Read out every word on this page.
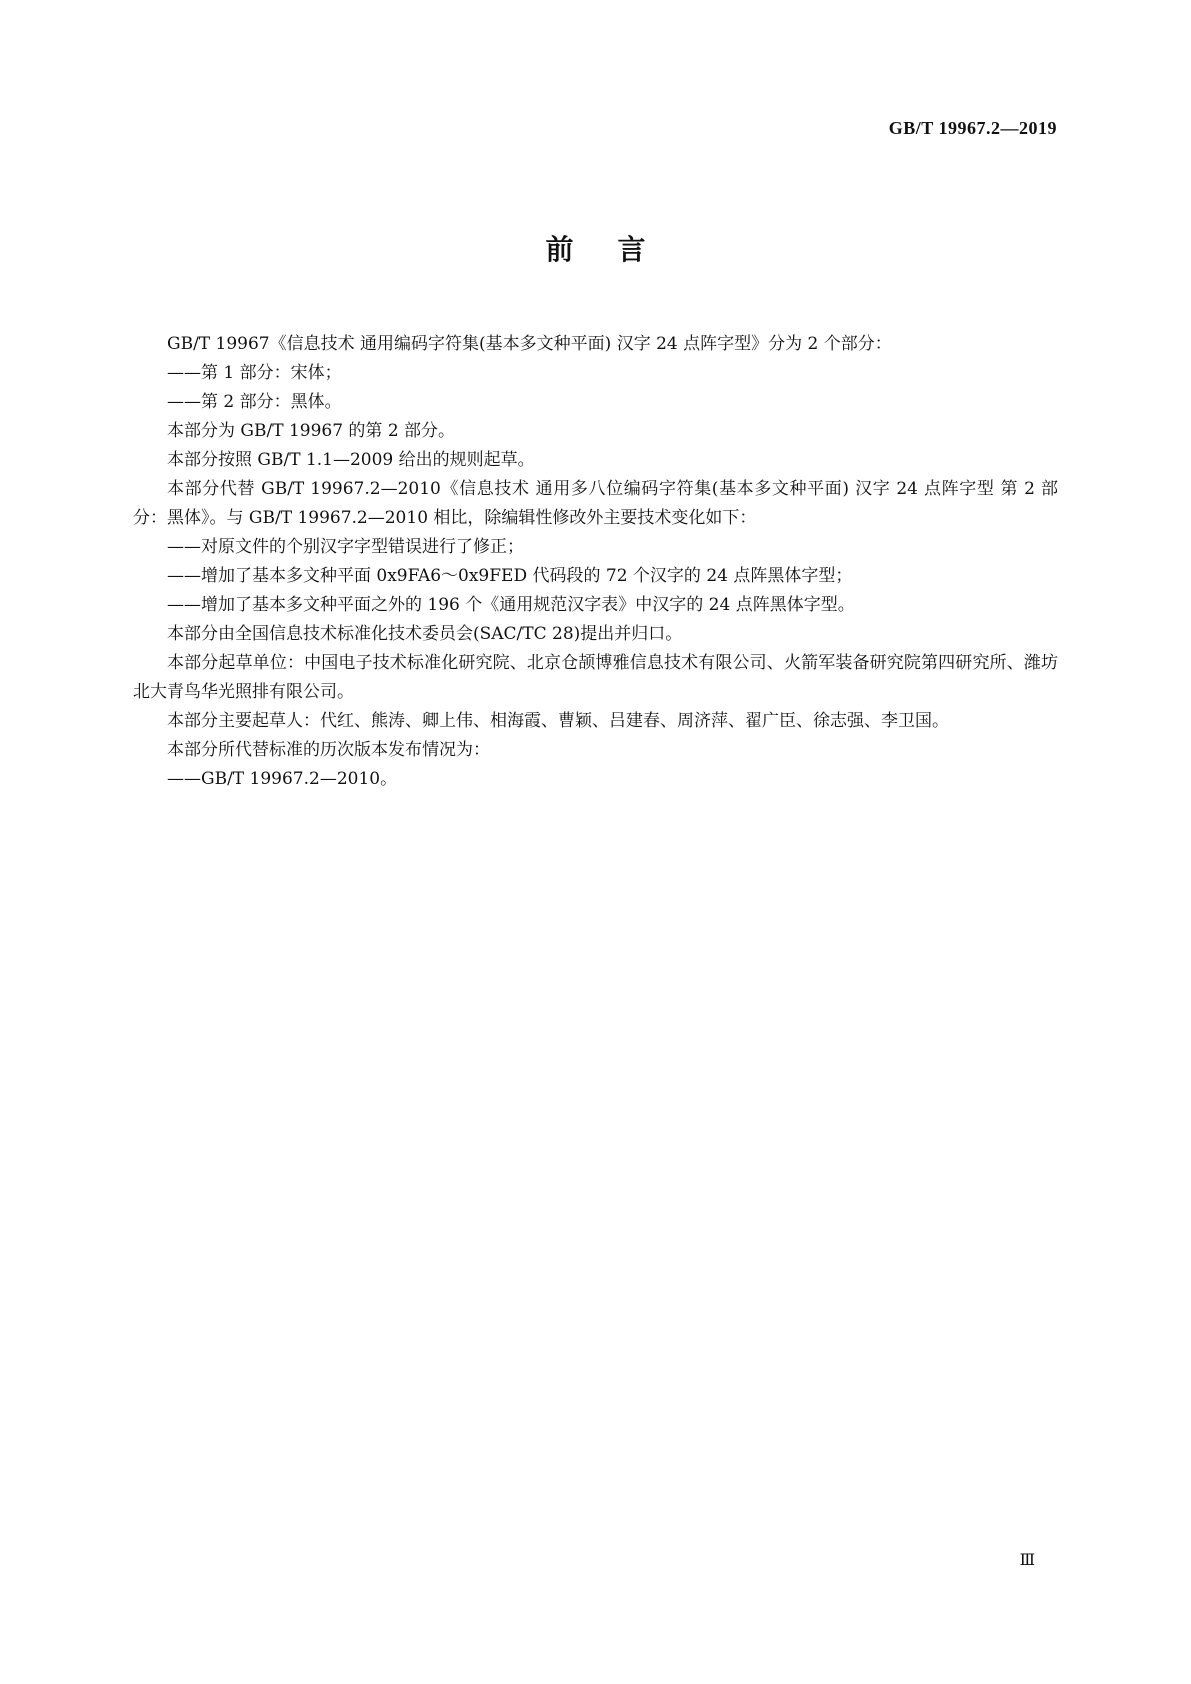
GB/T 19967.2—2019
前言

GB/T 19967《信息技术 通用编码字符集(基本多文种平面) 汉字 24 点阵字型》分为 2 个部分：

——第 1 部分：宋体；

——第 2 部分：黑体。

本部分为 GB/T 19967 的第 2 部分。

本部分按照 GB/T 1.1—2009 给出的规则起草。

本部分代替 GB/T 19967.2—2010《信息技术 通用多八位编码字符集(基本多文种平面) 汉字 24 点阵字型 第 2 部分：黑体》。与 GB/T 19967.2—2010 相比，除编辑性修改外主要技术变化如下：

——对原文件的个别汉字字型错误进行了修正；

——增加了基本多文种平面 0x9FA6～0x9FED 代码段的 72 个汉字的 24 点阵黑体字型；

——增加了基本多文种平面之外的 196 个《通用规范汉字表》中汉字的 24 点阵黑体字型。

本部分由全国信息技术标准化技术委员会(SAC/TC 28)提出并归口。

本部分起草单位：中国电子技术标准化研究院、北京仓颉博雅信息技术有限公司、火箭军装备研究院第四研究所、潍坊北大青鸟华光照排有限公司。

本部分主要起草人：代红、熊涛、卿上伟、相海霞、曹颖、吕建春、周济萍、翟广臣、徐志强、李卫国。

本部分所代替标准的历次版本发布情况为：

——GB/T 19967.2—2010。

Ⅲ
